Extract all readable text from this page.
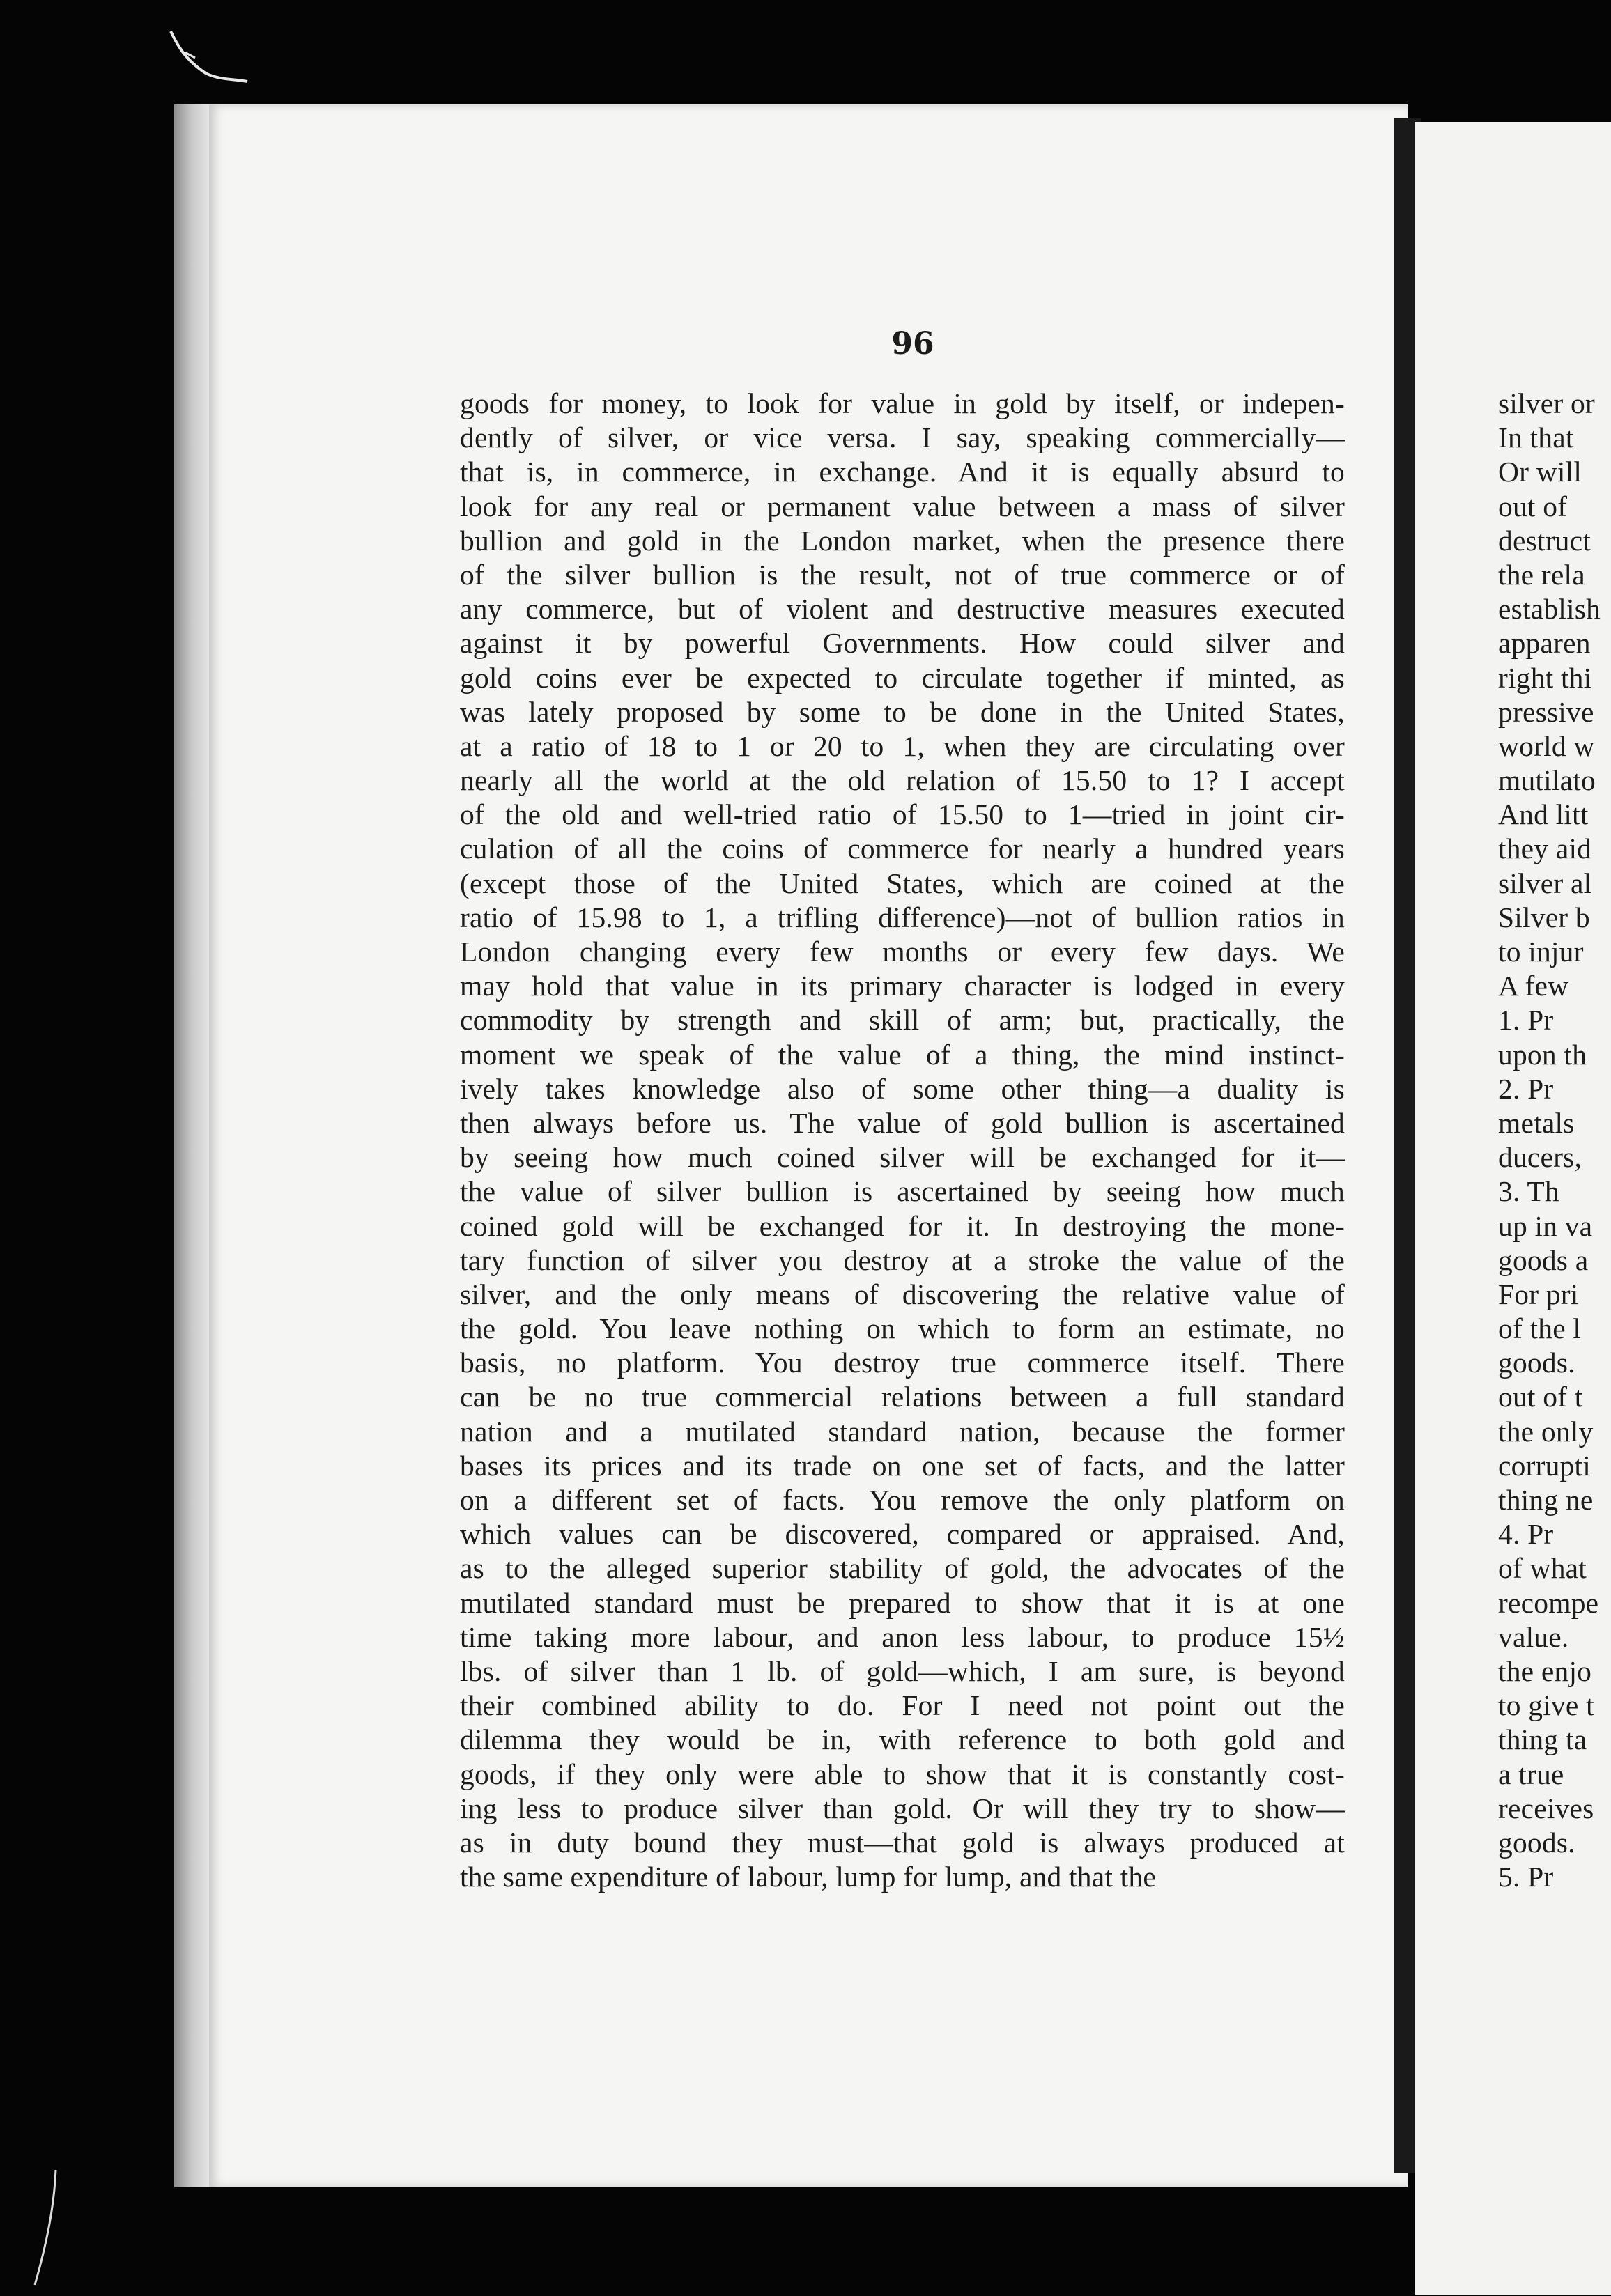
96
goods for money, to look for value in gold by itself, or indepen-
dently of silver, or vice versa. I say, speaking commercially—
that is, in commerce, in exchange. And it is equally absurd to
look for any real or permanent value between a mass of silver
bullion and gold in the London market, when the presence there
of the silver bullion is the result, not of true commerce or of
any commerce, but of violent and destructive measures executed
against it by powerful Governments. How could silver and
gold coins ever be expected to circulate together if minted, as
was lately proposed by some to be done in the United States,
at a ratio of 18 to 1 or 20 to 1, when they are circulating over
nearly all the world at the old relation of 15.50 to 1? I accept
of the old and well-tried ratio of 15.50 to 1—tried in joint cir-
culation of all the coins of commerce for nearly a hundred years
(except those of the United States, which are coined at the
ratio of 15.98 to 1, a trifling difference)—not of bullion ratios in
London changing every few months or every few days. We
may hold that value in its primary character is lodged in every
commodity by strength and skill of arm; but, practically, the
moment we speak of the value of a thing, the mind instinct-
ively takes knowledge also of some other thing—a duality is
then always before us. The value of gold bullion is ascertained
by seeing how much coined silver will be exchanged for it—
the value of silver bullion is ascertained by seeing how much
coined gold will be exchanged for it. In destroying the mone-
tary function of silver you destroy at a stroke the value of the
silver, and the only means of discovering the relative value of
the gold. You leave nothing on which to form an estimate, no
basis, no platform. You destroy true commerce itself. There
can be no true commercial relations between a full standard
nation and a mutilated standard nation, because the former
bases its prices and its trade on one set of facts, and the latter
on a different set of facts. You remove the only platform on
which values can be discovered, compared or appraised. And,
as to the alleged superior stability of gold, the advocates of the
mutilated standard must be prepared to show that it is at one
time taking more labour, and anon less labour, to produce 15½
lbs. of silver than 1 lb. of gold—which, I am sure, is beyond
their combined ability to do. For I need not point out the
dilemma they would be in, with reference to both gold and
goods, if they only were able to show that it is constantly cost-
ing less to produce silver than gold. Or will they try to show—
as in duty bound they must—that gold is always produced at
the same expenditure of labour, lump for lump, and that the
silver or
In that
Or will
out of
destruct
the rela
establish
apparen
right thi
pressive
world w
mutilato
And litt
they aid
silver al
Silver b
to injur
A few
1. Pr
upon th
2. Pr
metals
ducers,
3. Th
up in va
goods a
For pri
of the l
goods.
out of t
the only
corrupti
thing ne
4. Pr
of what
recompe
value.
the enjo
to give t
thing ta
a true
receives
goods.
5. Pr
